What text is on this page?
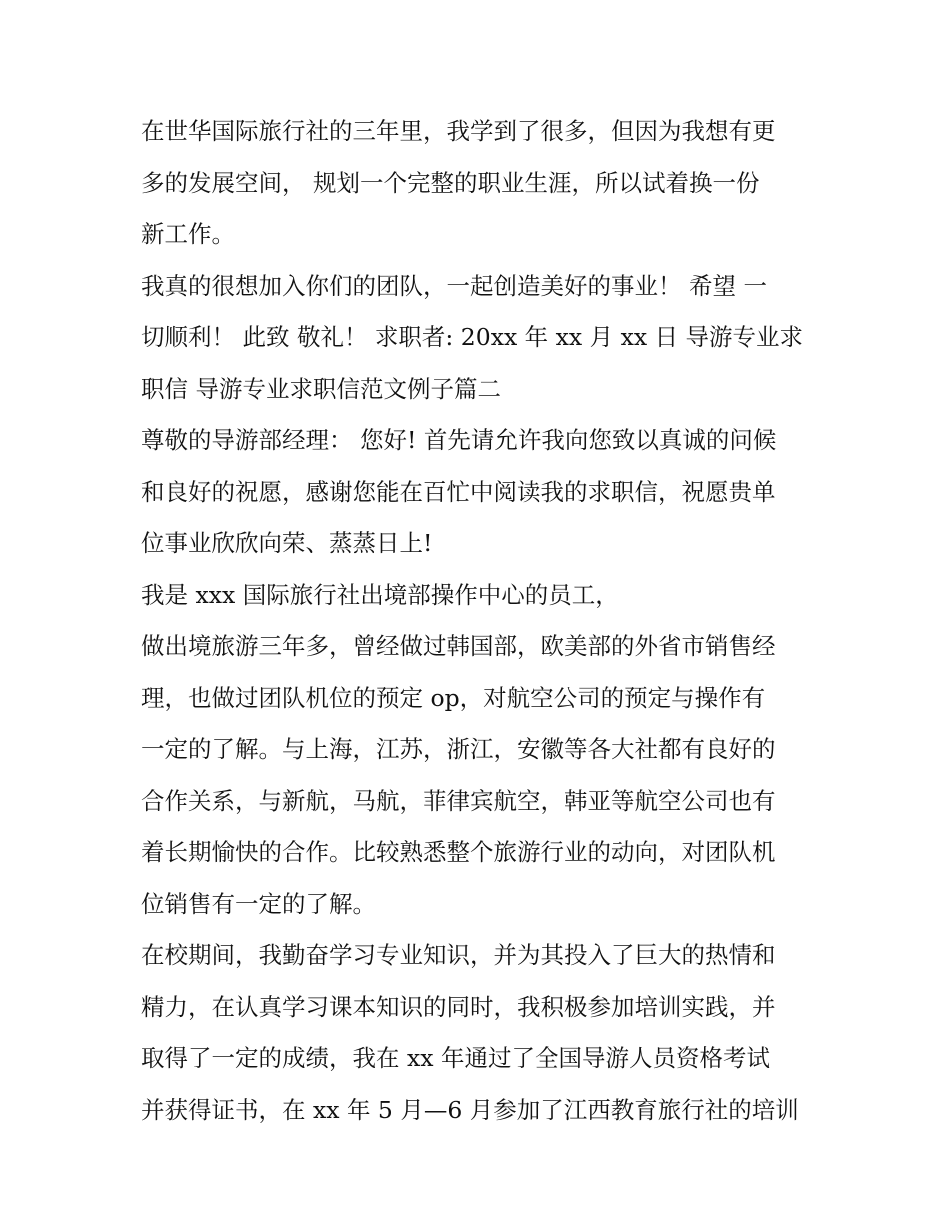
在世华国际旅行社的三年里，我学到了很多，但因为我想有更
多的发展空间， 规划一个完整的职业生涯，所以试着换一份
新工作。
我真的很想加入你们的团队，一起创造美好的事业！ 希望 一
切顺利！ 此致 敬礼！ 求职者: 20xx 年 xx 月 xx 日 导游专业求
职信 导游专业求职信范文例子篇二
尊敬的导游部经理： 您好! 首先请允许我向您致以真诚的问候
和良好的祝愿，感谢您能在百忙中阅读我的求职信，祝愿贵单
位事业欣欣向荣、蒸蒸日上!
我是 xxx 国际旅行社出境部操作中心的员工，
做出境旅游三年多，曾经做过韩国部，欧美部的外省市销售经
理，也做过团队机位的预定 op，对航空公司的预定与操作有
一定的了解。与上海，江苏，浙江，安徽等各大社都有良好的
合作关系，与新航，马航，菲律宾航空，韩亚等航空公司也有
着长期愉快的合作。比较熟悉整个旅游行业的动向，对团队机
位销售有一定的了解。
在校期间，我勤奋学习专业知识，并为其投入了巨大的热情和
精力，在认真学习课本知识的同时，我积极参加培训实践，并
取得了一定的成绩，我在 xx 年通过了全国导游人员资格考试
并获得证书，在 xx 年 5 月—6 月参加了江西教育旅行社的培训
